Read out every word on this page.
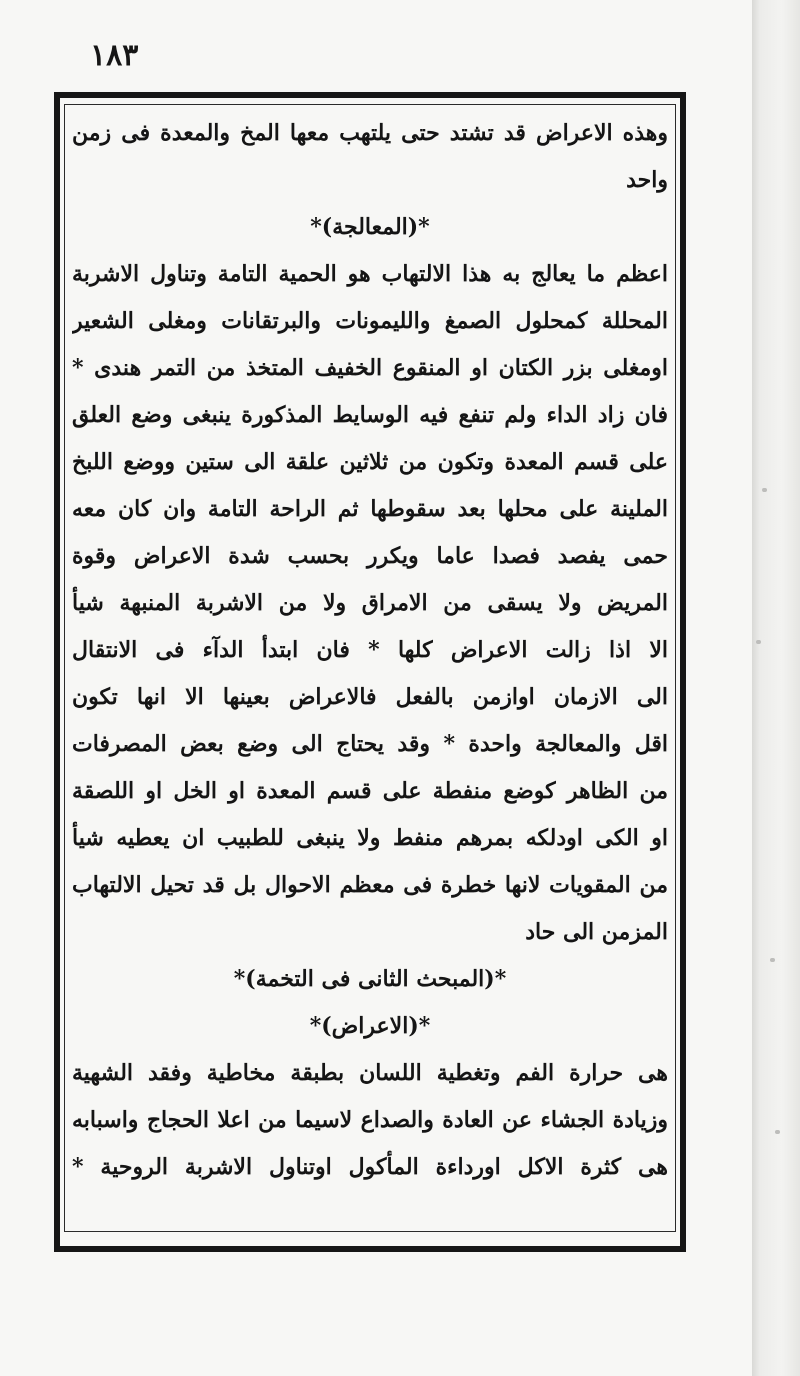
١٨٣
وهذه الاعراض قد تشتد حتى يلتهب معها المخ والمعدة فى زمن
واحد
*(المعالجة)*
اعظم ما يعالج به هذا الالتهاب هو الحمية التامة وتناول الاشربة
المحللة كمحلول الصمغ والليمونات والبرتقانات ومغلى الشعير
اومغلى بزر الكتان او المنقوع الخفيف المتخذ من التمر هندى *
فان زاد الداء ولم تنفع فيه الوسايط المذكورة ينبغى وضع العلق
على قسم المعدة وتكون من ثلاثين علقة الى ستين ووضع اللبخ
الملينة على محلها بعد سقوطها ثم الراحة التامة وان كان معه
حمى يفصد فصدا عاما ويكرر بحسب شدة الاعراض وقوة
المريض ولا يسقى من الامراق ولا من الاشربة المنبهة شيأ
الا اذا زالت الاعراض كلها * فان ابتدأ الدآء فى الانتقال
الى الازمان اوازمن بالفعل فالاعراض بعينها الا انها تكون
اقل والمعالجة واحدة * وقد يحتاج الى وضع بعض المصرفات
من الظاهر كوضع منفطة على قسم المعدة او الخل او اللصقة
او الكى اودلكه بمرهم منفط ولا ينبغى للطبيب ان يعطيه شيأ
من المقويات لانها خطرة فى معظم الاحوال بل قد تحيل الالتهاب
المزمن الى حاد
*(المبحث الثانى فى التخمة)*
*(الاعراض)*
هى حرارة الفم وتغطية اللسان بطبقة مخاطية وفقد الشهية
وزيادة الجشاء عن العادة والصداع لاسيما من اعلا الحجاج واسبابه
هى كثرة الاكل اورداءة المأكول اوتناول الاشربة الروحية *
